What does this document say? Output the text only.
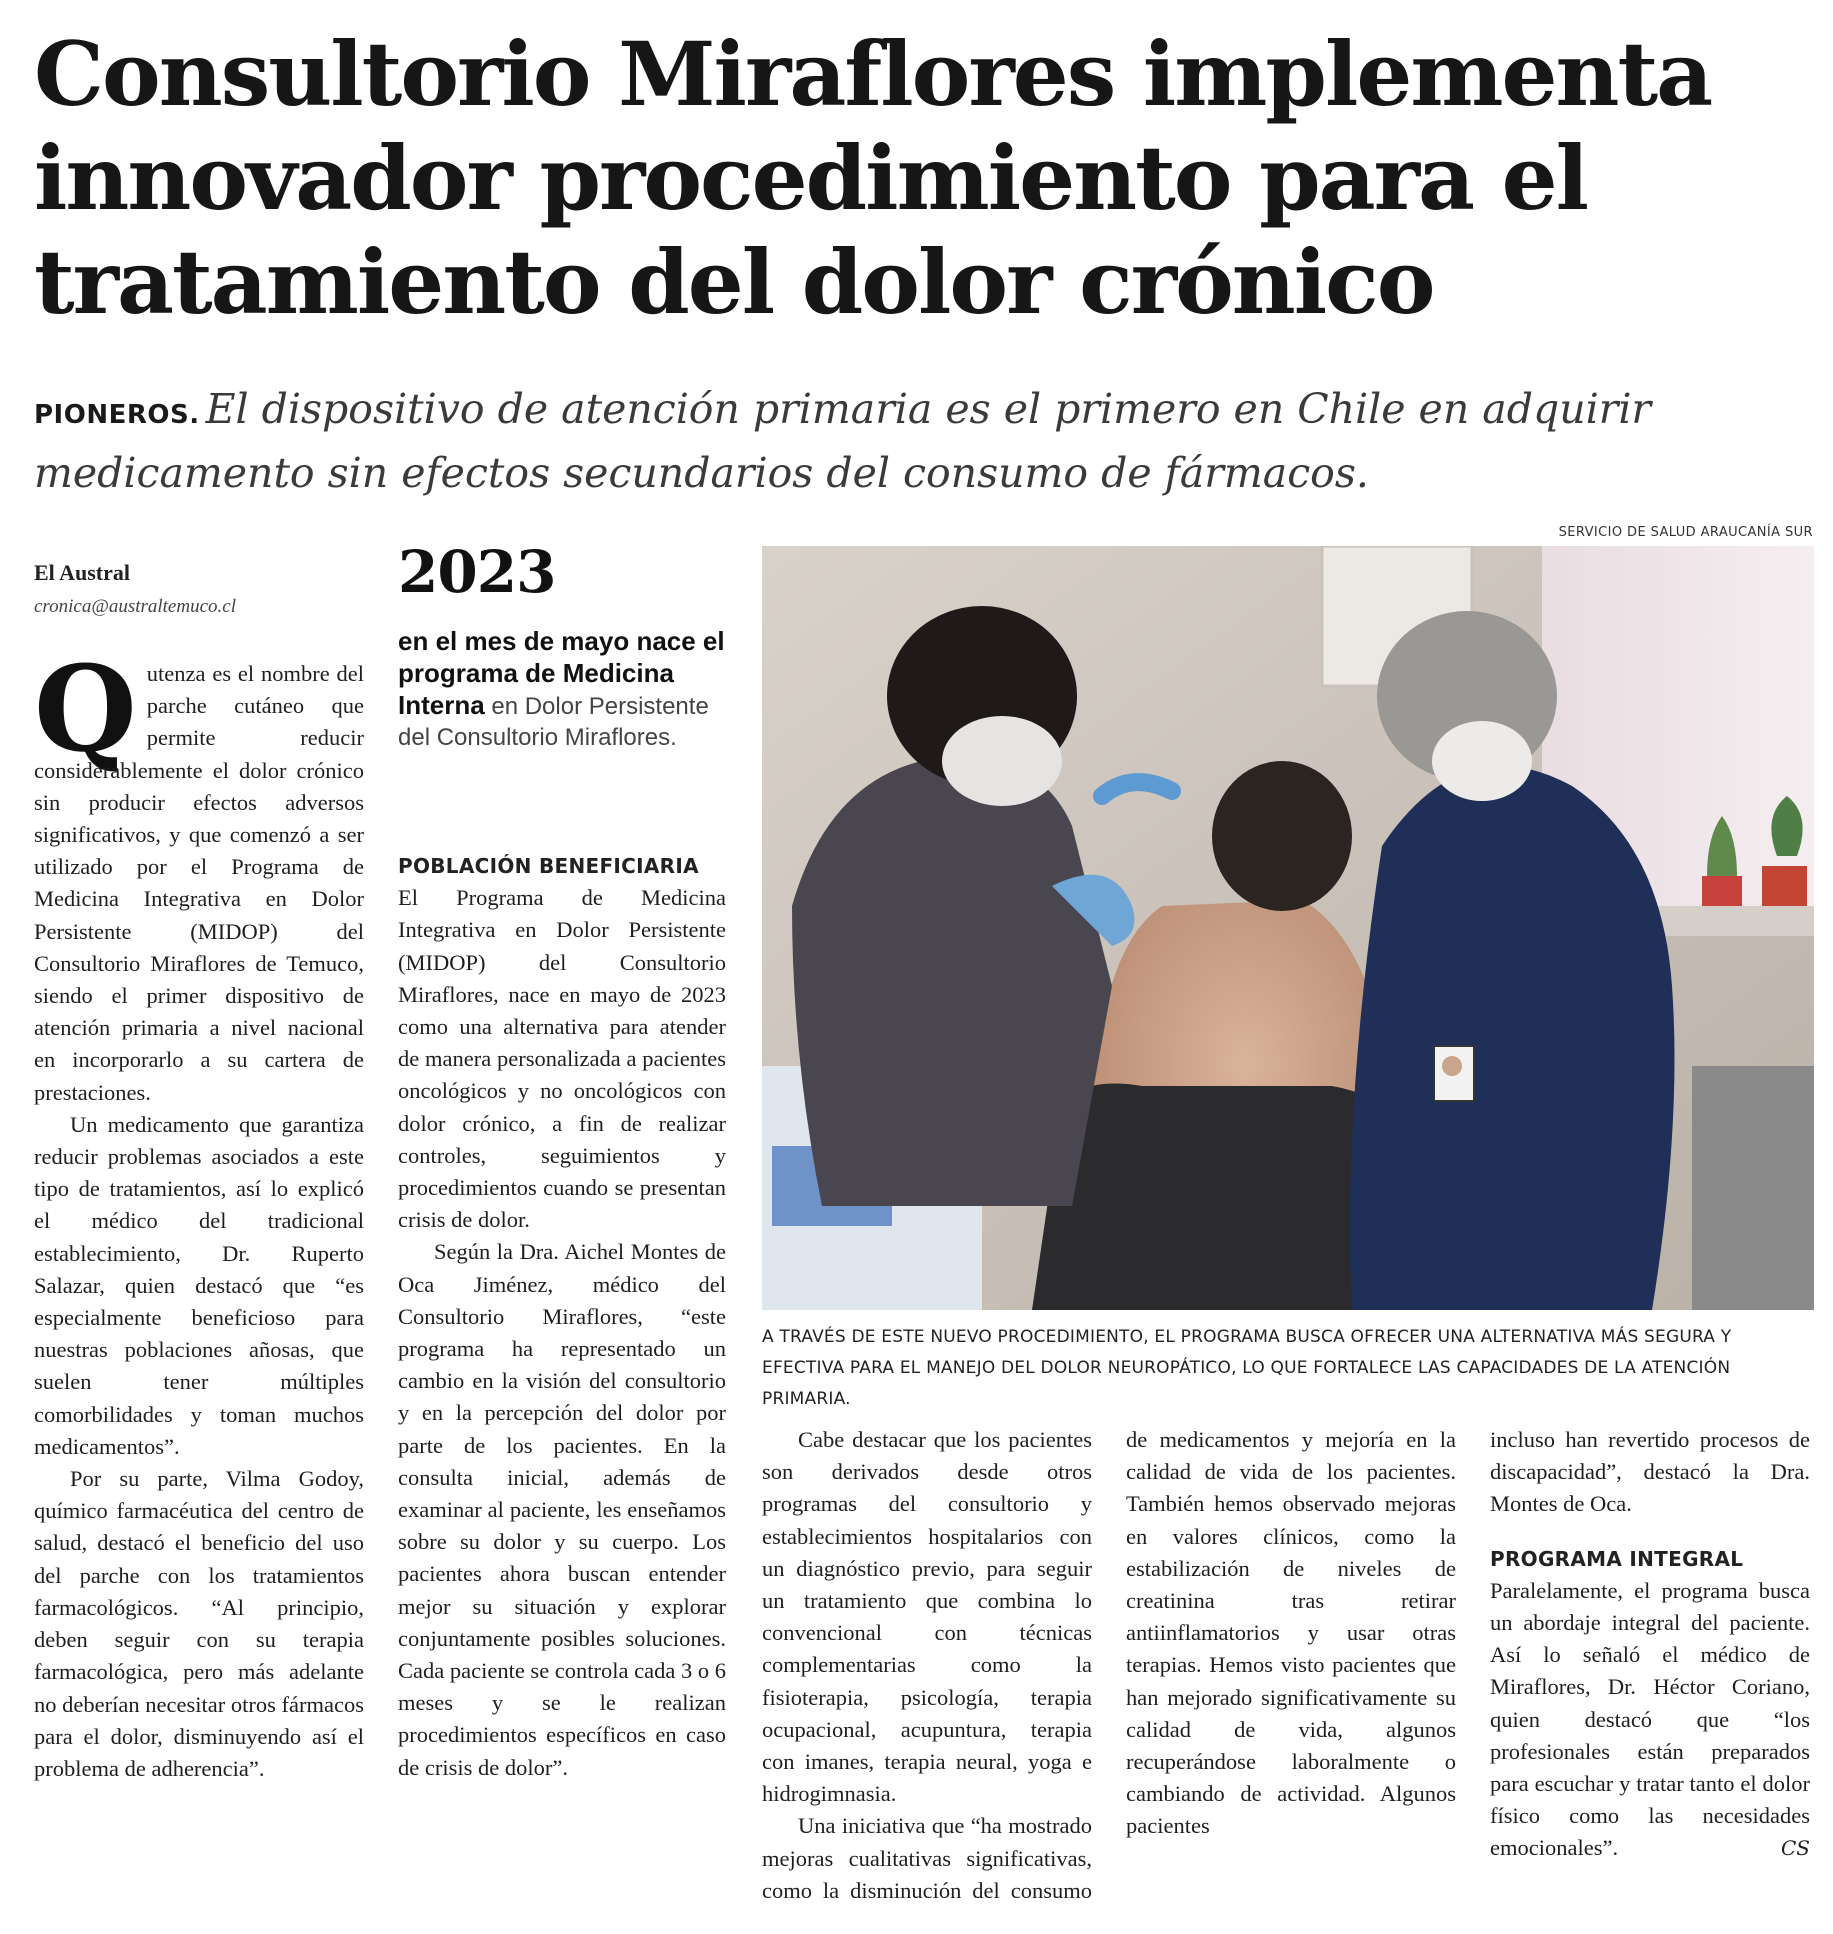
Consultorio Miraflores implementa
innovador procedimiento para el
tratamiento del dolor crónico
PIONEROS. El dispositivo de atención primaria es el primero en Chile en adquirir medicamento sin efectos secundarios del consumo de fármacos.
El Austral
cronica@australtemuco.cl

Qutenza es el nombre del parche cutáneo que permite reducir considerablemente el dolor crónico sin producir efectos adversos significativos, y que comenzó a ser utilizado por el Programa de Medicina Integrativa en Dolor Persistente (MIDOP) del Consultorio Miraflores de Temuco, siendo el primer dispositivo de atención primaria a nivel nacional en incorporarlo a su cartera de prestaciones.

Un medicamento que garantiza reducir problemas asociados a este tipo de tratamientos, así lo explicó el médico del tradicional establecimiento, Dr. Ruperto Salazar, quien destacó que “es especialmente beneficioso para nuestras poblaciones añosas, que suelen tener múltiples comorbilidades y toman muchos medicamentos”.

Por su parte, Vilma Godoy, químico farmacéutica del centro de salud, destacó el beneficio del uso del parche con los tratamientos farmacológicos. “Al principio, deben seguir con su terapia farmacológica, pero más adelante no deberían necesitar otros fármacos para el dolor, disminuyendo así el problema de adherencia”.

2023
en el mes de mayo nace el programa de Medicina Interna en Dolor Persistente del Consultorio Miraflores.

POBLACIÓN BENEFICIARIA

El Programa de Medicina Integrativa en Dolor Persistente (MIDOP) del Consultorio Miraflores, nace en mayo de 2023 como una alternativa para atender de manera personalizada a pacientes oncológicos y no oncológicos con dolor crónico, a fin de realizar controles, seguimientos y procedimientos cuando se presentan crisis de dolor.

Según la Dra. Aichel Montes de Oca Jiménez, médico del Consultorio Miraflores, “este programa ha representado un cambio en la visión del consultorio y en la percepción del dolor por parte de los pacientes. En la consulta inicial, además de examinar al paciente, les enseñamos sobre su dolor y su cuerpo. Los pacientes ahora buscan entender mejor su situación y explorar conjuntamente posibles soluciones. Cada paciente se controla cada 3 o 6 meses y se le realizan procedimientos específicos en caso de crisis de dolor”.

SERVICIO DE SALUD ARAUCANÍA SUR
A TRAVÉS DE ESTE NUEVO PROCEDIMIENTO, EL PROGRAMA BUSCA OFRECER UNA ALTERNATIVA MÁS SEGURA Y EFECTIVA PARA EL MANEJO DEL DOLOR NEUROPÁTICO, LO QUE FORTALECE LAS CAPACIDADES DE LA ATENCIÓN PRIMARIA.

Cabe destacar que los pacientes son derivados desde otros programas del consultorio y establecimientos hospitalarios con un diagnóstico previo, para seguir un tratamiento que combina lo convencional con técnicas complementarias como la fisioterapia, psicología, terapia ocupacional, acupuntura, terapia con imanes, terapia neural, yoga e hidrogimnasia.

Una iniciativa que “ha mostrado mejoras cualitativas significativas, como la disminución del consumo de medicamentos y mejoría en la calidad de vida de los pacientes. También hemos observado mejoras en valores clínicos, como la estabilización de niveles de creatinina tras retirar antiinflamatorios y usar otras terapias. Hemos visto pacientes que han mejorado significativamente su calidad de vida, algunos recuperándose laboralmente o cambiando de actividad. Algunos pacientes

incluso han revertido procesos de discapacidad”, destacó la Dra. Montes de Oca.

PROGRAMA INTEGRAL

Paralelamente, el programa busca un abordaje integral del paciente. Así lo señaló el médico de Miraflores, Dr. Héctor Coriano, quien destacó que “los profesionales están preparados para escuchar y tratar tanto el dolor físico como las necesidades emocionales”.	CS
